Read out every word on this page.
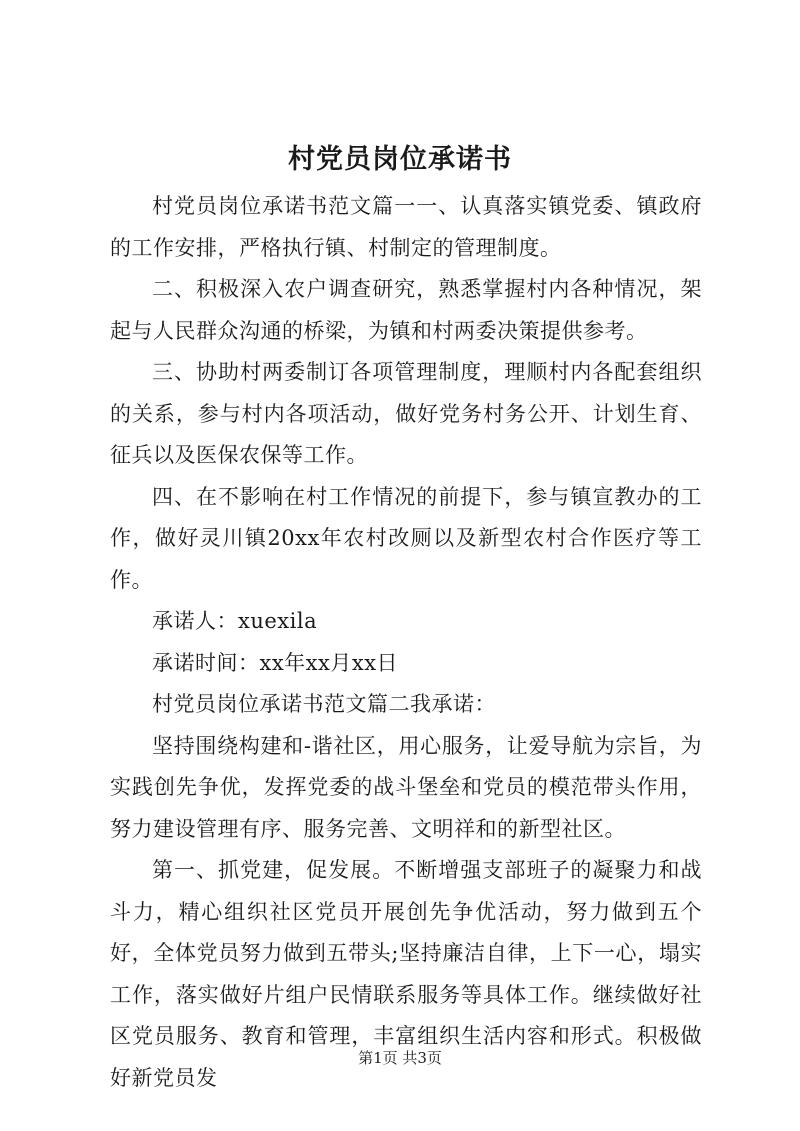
村党员岗位承诺书

村党员岗位承诺书范文篇一一、认真落实镇党委、镇政府的工作安排，严格执行镇、村制定的管理制度。

二、积极深入农户调查研究，熟悉掌握村内各种情况，架起与人民群众沟通的桥梁，为镇和村两委决策提供参考。

三、协助村两委制订各项管理制度，理顺村内各配套组织的关系，参与村内各项活动，做好党务村务公开、计划生育、征兵以及医保农保等工作。

四、在不影响在村工作情况的前提下，参与镇宣教办的工作，做好灵川镇20xx年农村改厕以及新型农村合作医疗等工作。

承诺人：xuexila

承诺时间：xx年xx月xx日

村党员岗位承诺书范文篇二我承诺：

坚持围绕构建和-谐社区，用心服务，让爱导航为宗旨，为实践创先争优，发挥党委的战斗堡垒和党员的模范带头作用，努力建设管理有序、服务完善、文明祥和的新型社区。

第一、抓党建，促发展。不断增强支部班子的凝聚力和战斗力，精心组织社区党员开展创先争优活动，努力做到五个好，全体党员努力做到五带头;坚持廉洁自律，上下一心，塌实工作，落实做好片组户民情联系服务等具体工作。继续做好社区党员服务、教育和管理，丰富组织生活内容和形式。积极做好新党员发

第1页 共3页
